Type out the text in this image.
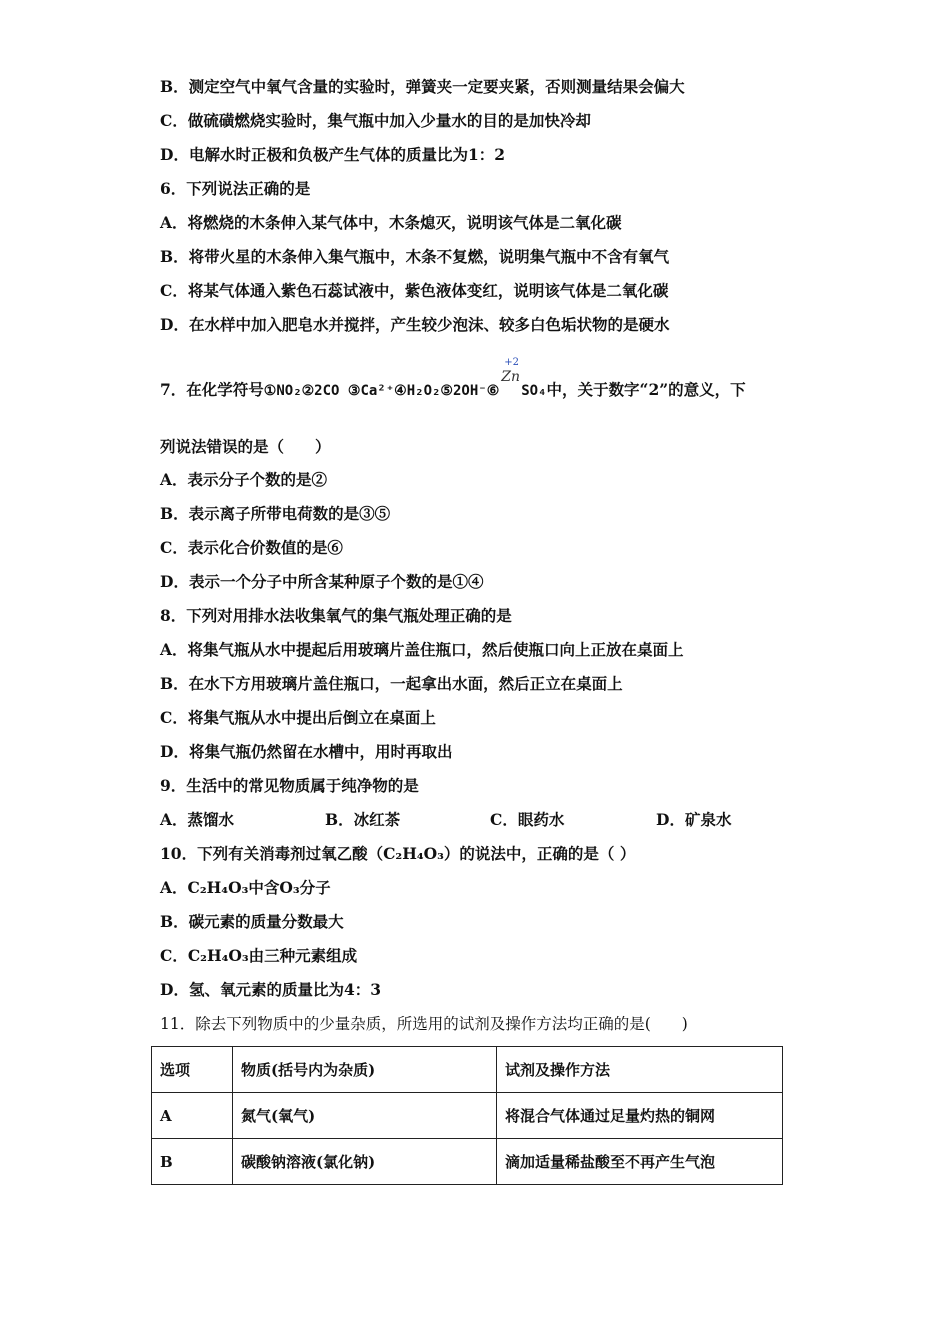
B．测定空气中氧气含量的实验时，弹簧夹一定要夹紧，否则测量结果会偏大
C．做硫磺燃烧实验时，集气瓶中加入少量水的目的是加快冷却
D．电解水时正极和负极产生气体的质量比为1：2
6．下列说法正确的是
A．将燃烧的木条伸入某气体中，木条熄灭，说明该气体是二氧化碳
B．将带火星的木条伸入集气瓶中，木条不复燃，说明集气瓶中不含有氧气
C．将某气体通入紫色石蕊试液中，紫色液体变红，说明该气体是二氧化碳
D．在水样中加入肥皂水并搅拌，产生较少泡沫、较多白色垢状物的是硬水
7．在化学符号①NO₂②2CO ③Ca²⁺④H₂O₂⑤2OH⁻⑥
+2
Zn
SO₄中，关于数字“2”的意义，下
列说法错误的是（　　）
A．表示分子个数的是②
B．表示离子所带电荷数的是③⑤
C．表示化合价数值的是⑥
D．表示一个分子中所含某种原子个数的是①④
8．下列对用排水法收集氧气的集气瓶处理正确的是
A．将集气瓶从水中提起后用玻璃片盖住瓶口，然后使瓶口向上正放在桌面上
B．在水下方用玻璃片盖住瓶口，一起拿出水面，然后正立在桌面上
C．将集气瓶从水中提出后倒立在桌面上
D．将集气瓶仍然留在水槽中，用时再取出
9．生活中的常见物质属于纯净物的是
A．蒸馏水	B．冰红茶	C．眼药水	D．矿泉水
10．下列有关消毒剂过氧乙酸（C₂H₄O₃）的说法中，正确的是（ ）
A．C₂H₄O₃中含O₃分子
B．碳元素的质量分数最大
C．C₂H₄O₃由三种元素组成
D．氢、氧元素的质量比为4：3
11．除去下列物质中的少量杂质，所选用的试剂及操作方法均正确的是(　　)
选项	物质(括号内为杂质)	试剂及操作方法
A	氮气(氧气)	将混合气体通过足量灼热的铜网
B	碳酸钠溶液(氯化钠)	滴加适量稀盐酸至不再产生气泡
